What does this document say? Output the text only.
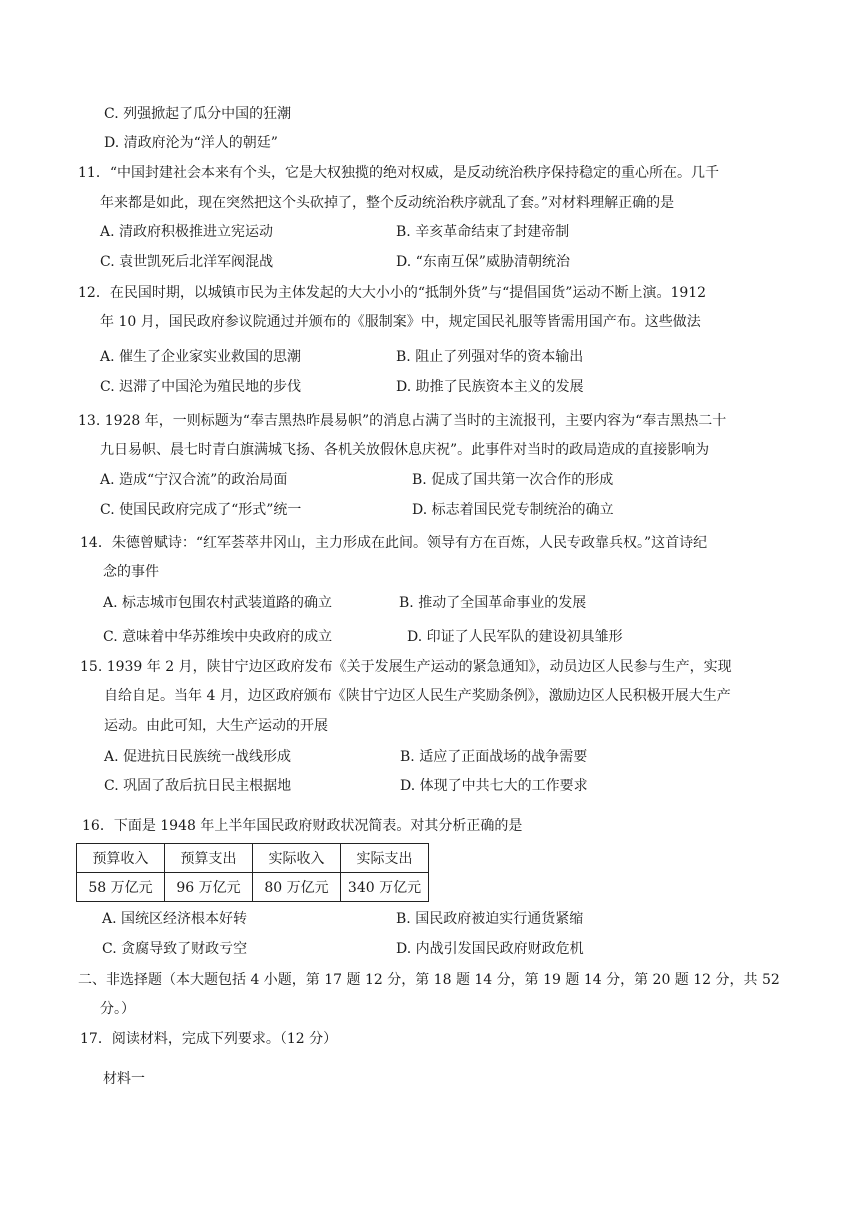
C. 列强掀起了瓜分中国的狂潮
D. 清政府沦为“洋人的朝廷”
11．“中国封建社会本来有个头，它是大权独揽的绝对权威，是反动统治秩序保持稳定的重心所在。几千
年来都是如此，现在突然把这个头砍掉了，整个反动统治秩序就乱了套。”对材料理解正确的是
A. 清政府积极推进立宪运动	B. 辛亥革命结束了封建帝制
C. 袁世凯死后北洋军阀混战	D. “东南互保”威胁清朝统治
12．在民国时期，以城镇市民为主体发起的大大小小的“抵制外货”与“提倡国货”运动不断上演。1912
年 10 月，国民政府参议院通过并颁布的《服制案》中，规定国民礼服等皆需用国产布。这些做法
A. 催生了企业家实业救国的思潮	B. 阻止了列强对华的资本输出
C. 迟滞了中国沦为殖民地的步伐	D. 助推了民族资本主义的发展
13. 1928 年，一则标题为“奉吉黑热昨晨易帜”的消息占满了当时的主流报刊，主要内容为“奉吉黑热二十
九日易帜、晨七时青白旗满城飞扬、各机关放假休息庆祝”。此事件对当时的政局造成的直接影响为
A. 造成“宁汉合流”的政治局面	B. 促成了国共第一次合作的形成
C. 使国民政府完成了“形式”统一	D. 标志着国民党专制统治的确立
14．朱德曾赋诗：“红军荟萃井冈山，主力形成在此间。领导有方在百炼，人民专政靠兵权。”这首诗纪
念的事件
A. 标志城市包围农村武装道路的确立	B. 推动了全国革命事业的发展
C. 意味着中华苏维埃中央政府的成立	D. 印证了人民军队的建设初具雏形
15. 1939 年 2 月，陕甘宁边区政府发布《关于发展生产运动的紧急通知》，动员边区人民参与生产，实现
自给自足。当年 4 月，边区政府颁布《陕甘宁边区人民生产奖励条例》，激励边区人民积极开展大生产
运动。由此可知，大生产运动的开展
A. 促进抗日民族统一战线形成	B. 适应了正面战场的战争需要
C. 巩固了敌后抗日民主根据地	D. 体现了中共七大的工作要求
16．下面是 1948 年上半年国民政府财政状况简表。对其分析正确的是
预算收入	预算支出	实际收入	实际支出
58 万亿元	96 万亿元	80 万亿元	340 万亿元
A. 国统区经济根本好转	B. 国民政府被迫实行通货紧缩
C. 贪腐导致了财政亏空	D. 内战引发国民政府财政危机
二、非选择题（本大题包括 4 小题，第 17 题 12 分，第 18 题 14 分，第 19 题 14 分，第 20 题 12 分，共 52
分。）
17．阅读材料，完成下列要求。（12 分）
材料一
